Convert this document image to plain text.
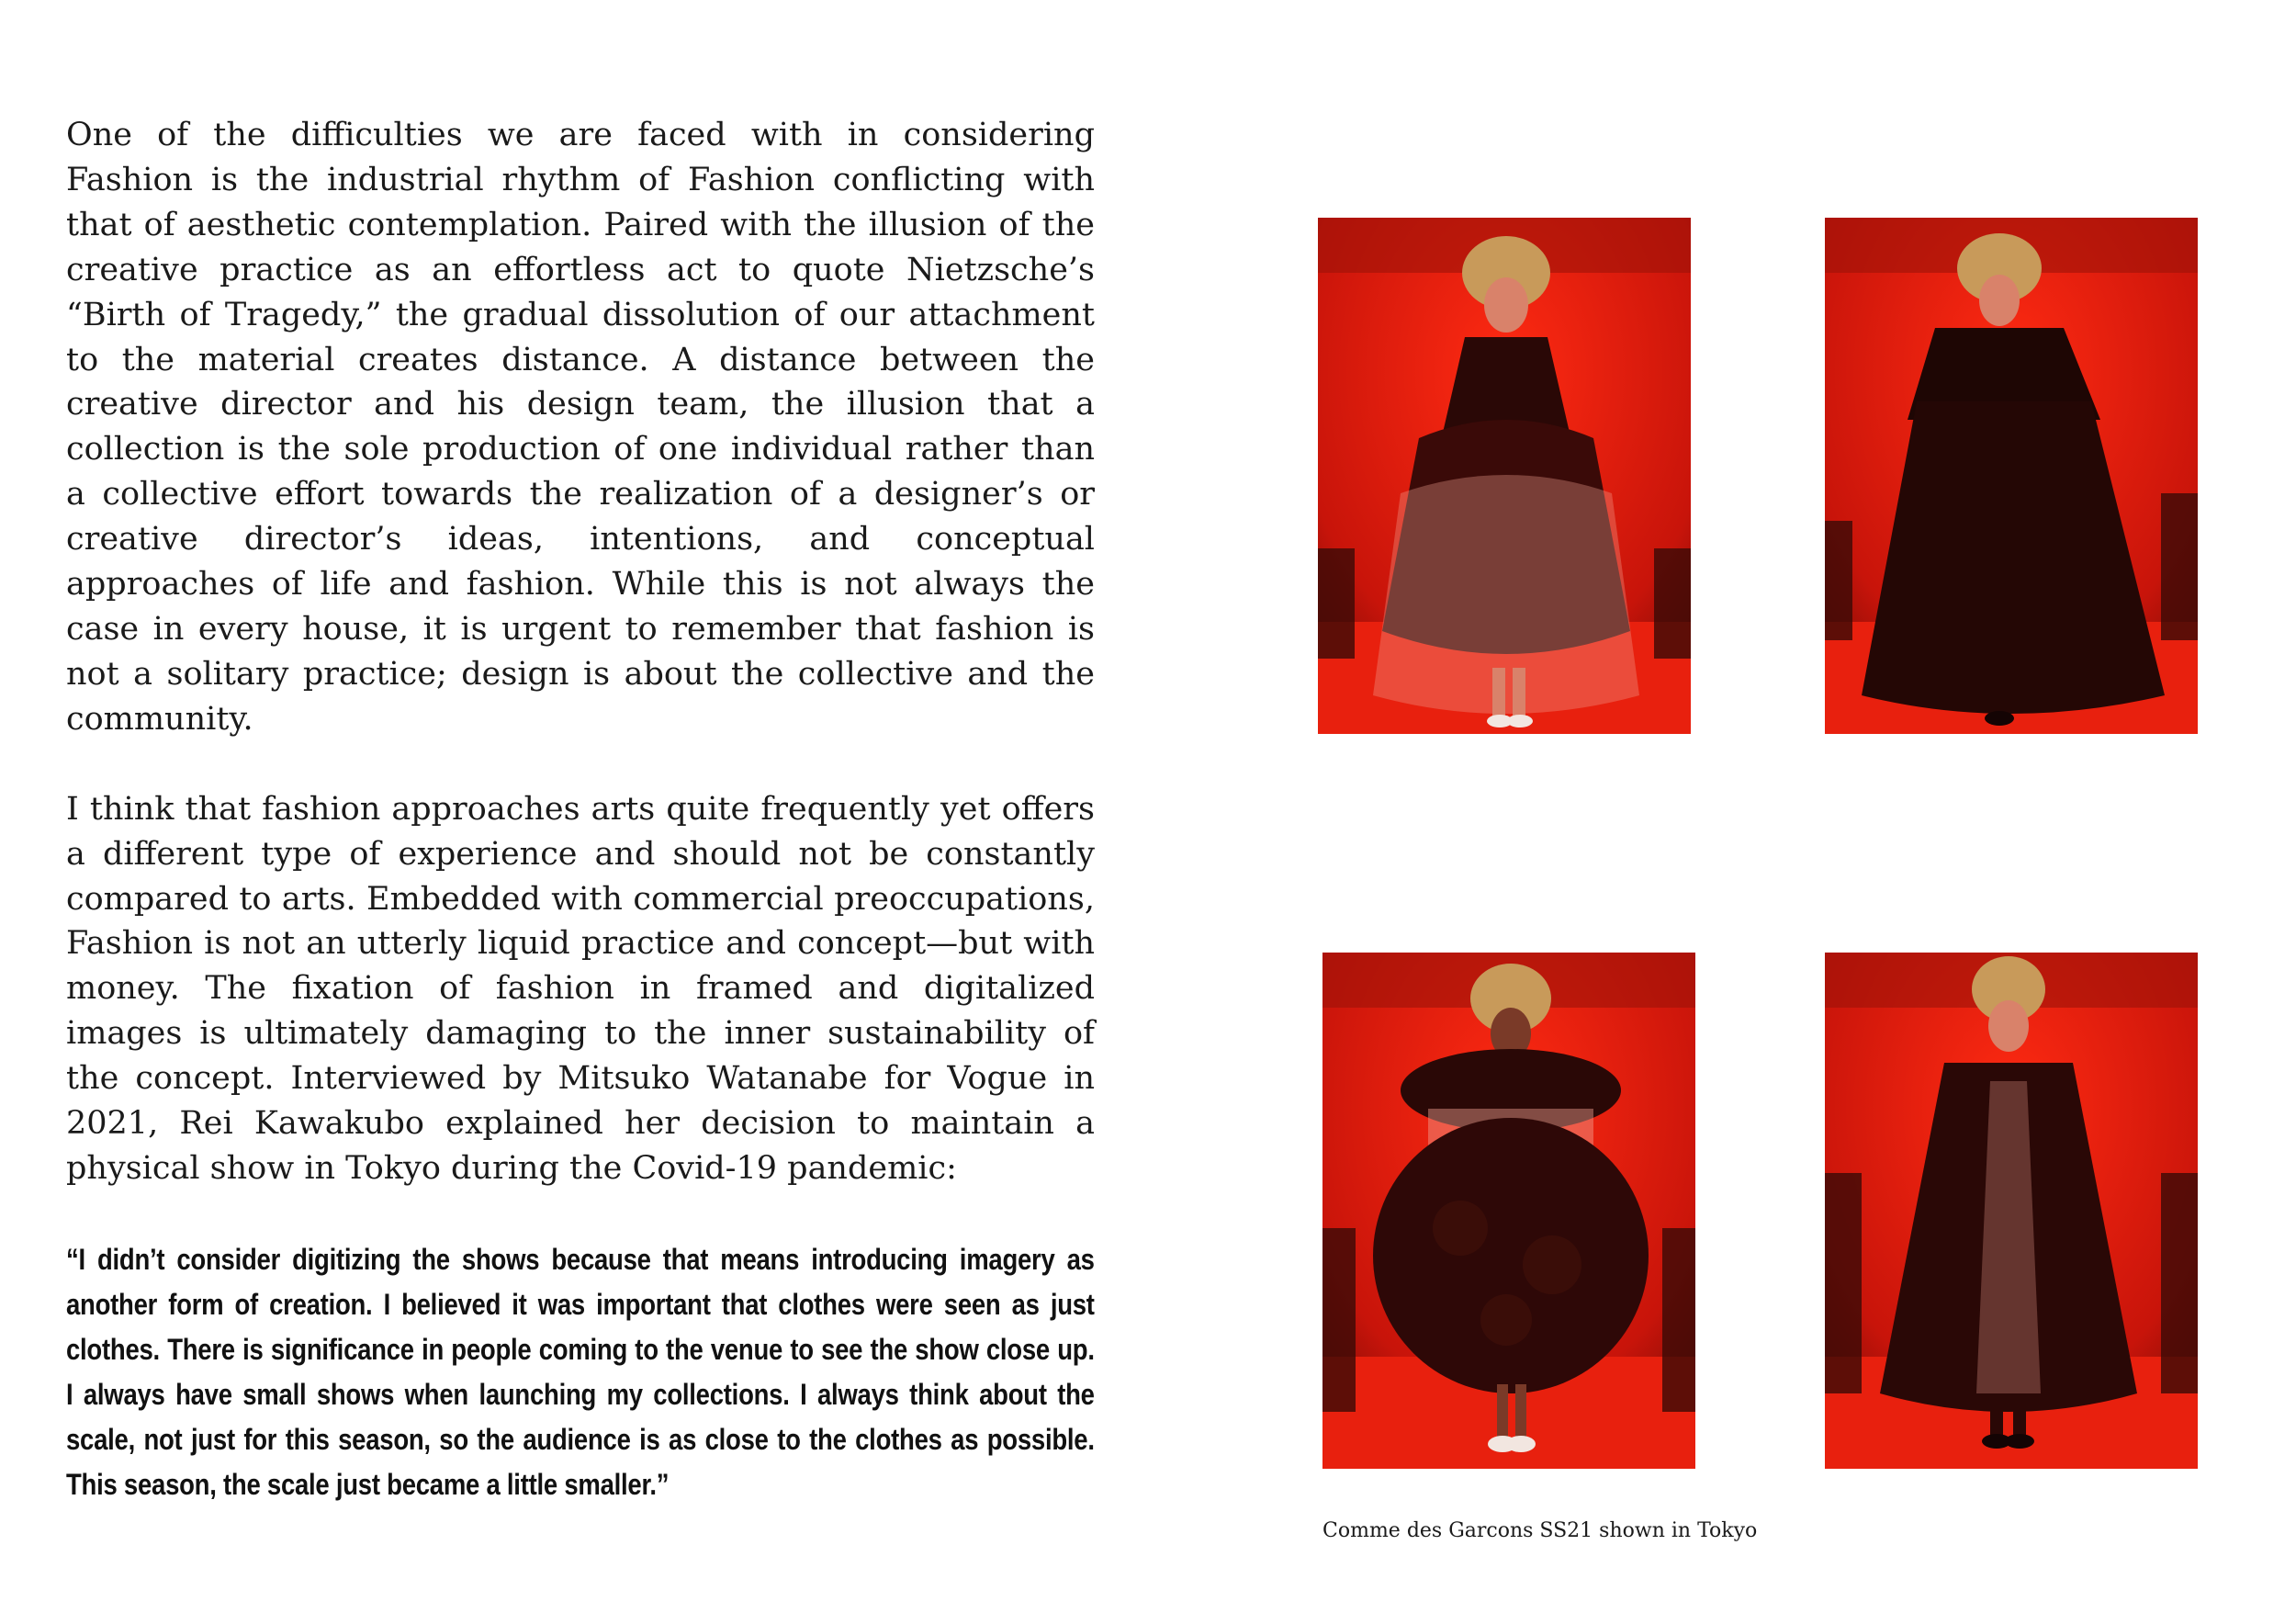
One of the difficulties we are faced with in considering Fashion is the industrial rhythm of Fashion conflicting with that of aesthetic contemplation. Paired with the illusion of the creative practice as an effortless act to quote Nietzsche’s “Birth of Tragedy,” the gradual dissolution of our attachment to the material creates distance. A distance between the creative director and his design team, the illusion that a collection is the sole production of one individual rather than a collective effort towards the realization of a designer’s or creative director’s ideas, intentions, and conceptual approaches of life and fashion. While this is not always the case in every house, it is urgent to remember that fashion is not a solitary practice; design is about the collective and the community.

I think that fashion approaches arts quite frequently yet offers a different type of experience and should not be constantly compared to arts. Embedded with commercial preoccupations, Fashion is not an utterly liquid practice and concept—but with money. The fixation of fashion in framed and digitalized images is ultimately damaging to the inner sustainability of the concept. Interviewed by Mitsuko Watanabe for Vogue in 2021, Rei Kawakubo explained her decision to maintain a physical show in Tokyo during the Covid-19 pandemic:

“I didn’t consider digitizing the shows because that means introducing imagery as another form of creation. I believed it was important that clothes were seen as just clothes. There is significance in people coming to the venue to see the show close up. I always have small shows when launching my collections. I always think about the scale, not just for this season, so the audience is as close to the clothes as possible. This season, the scale just became a little smaller.”

Comme des Garcons SS21 shown in Tokyo
